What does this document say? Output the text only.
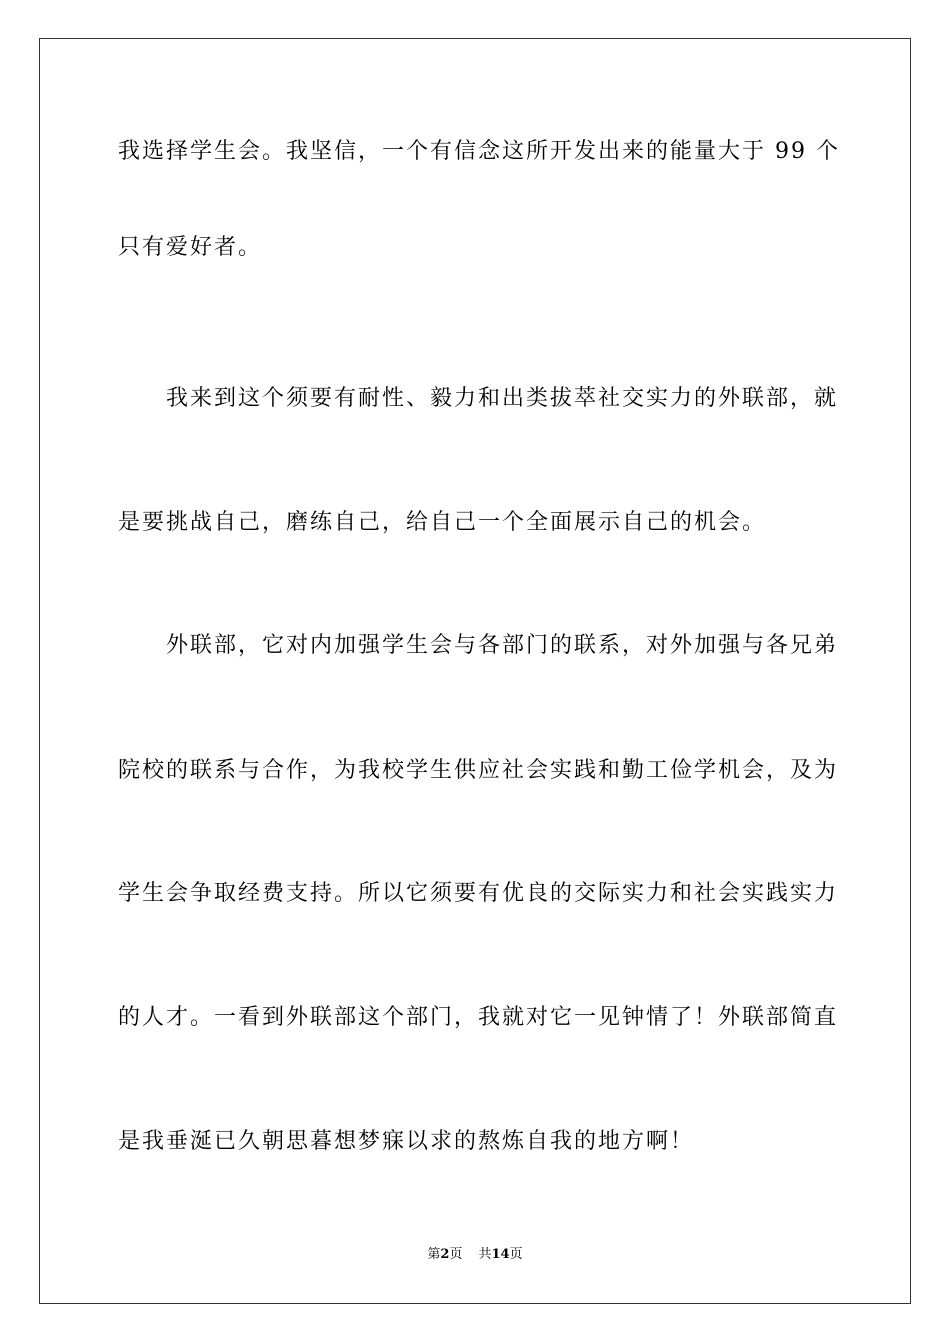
我选择学生会。我坚信，一个有信念这所开发出来的能量大于 99 个
只有爱好者。
我来到这个须要有耐性、毅力和出类拔萃社交实力的外联部，就
是要挑战自己，磨练自己，给自己一个全面展示自己的机会。
外联部，它对内加强学生会与各部门的联系，对外加强与各兄弟
院校的联系与合作，为我校学生供应社会实践和勤工俭学机会，及为
学生会争取经费支持。所以它须要有优良的交际实力和社会实践实力
的人才。一看到外联部这个部门，我就对它一见钟情了！外联部简直
是我垂涎已久朝思暮想梦寐以求的熬炼自我的地方啊！
第2页 共14页
